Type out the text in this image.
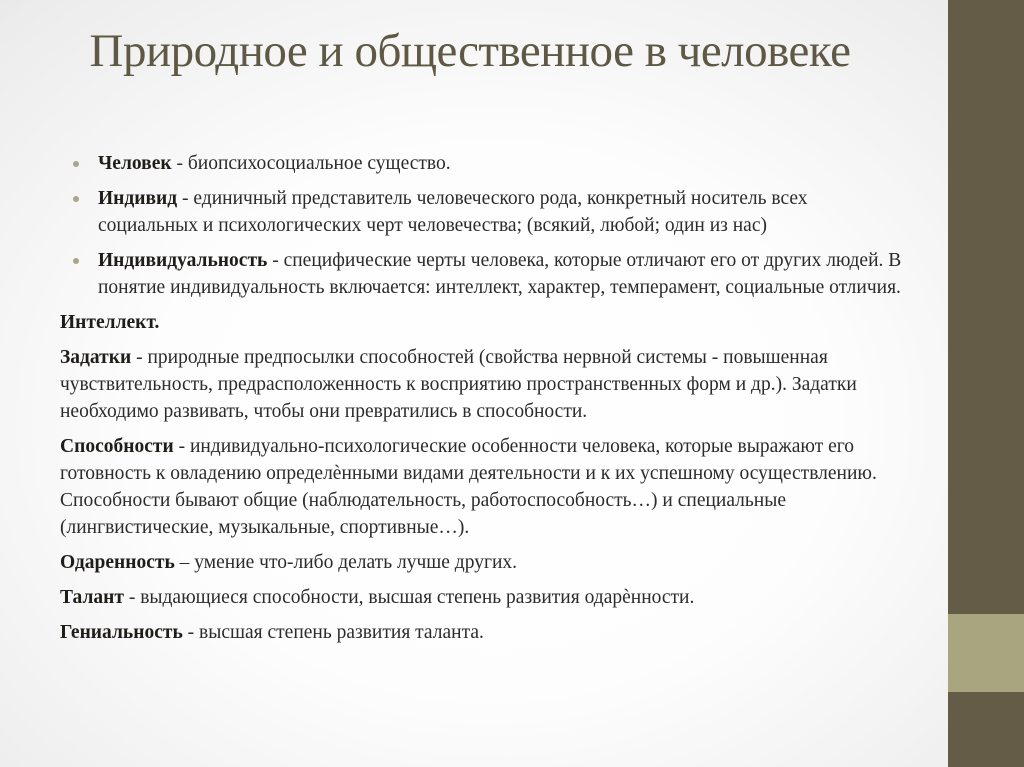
Природное и общественное в человеке
Человек - биопсихосоциальное существо.
Индивид - единичный представитель человеческого рода, конкретный носитель всех социальных и психологических черт человечества; (всякий, любой; один из нас)
Индивидуальность - специфические черты человека, которые отличают его от других людей. В понятие индивидуальность включается: интеллект, характер, темперамент, социальные отличия.

Интеллект.

Задатки - природные предпосылки способностей (свойства нервной системы - повышенная чувствительность, предрасположенность к восприятию пространственных форм и др.). Задатки необходимо развивать, чтобы они превратились в способности.

Способности - индивидуально-психологические особенности человека, которые выражают его готовность к овладению определѐнными видами деятельности и к их успешному осуществлению. Способности бывают общие (наблюдательность, работоспособность…) и специальные (лингвистические, музыкальные, спортивные…).

Одаренность – умение что-либо делать лучше других.

Талант - выдающиеся способности, высшая степень развития одарѐнности.

Гениальность - высшая степень развития таланта.
